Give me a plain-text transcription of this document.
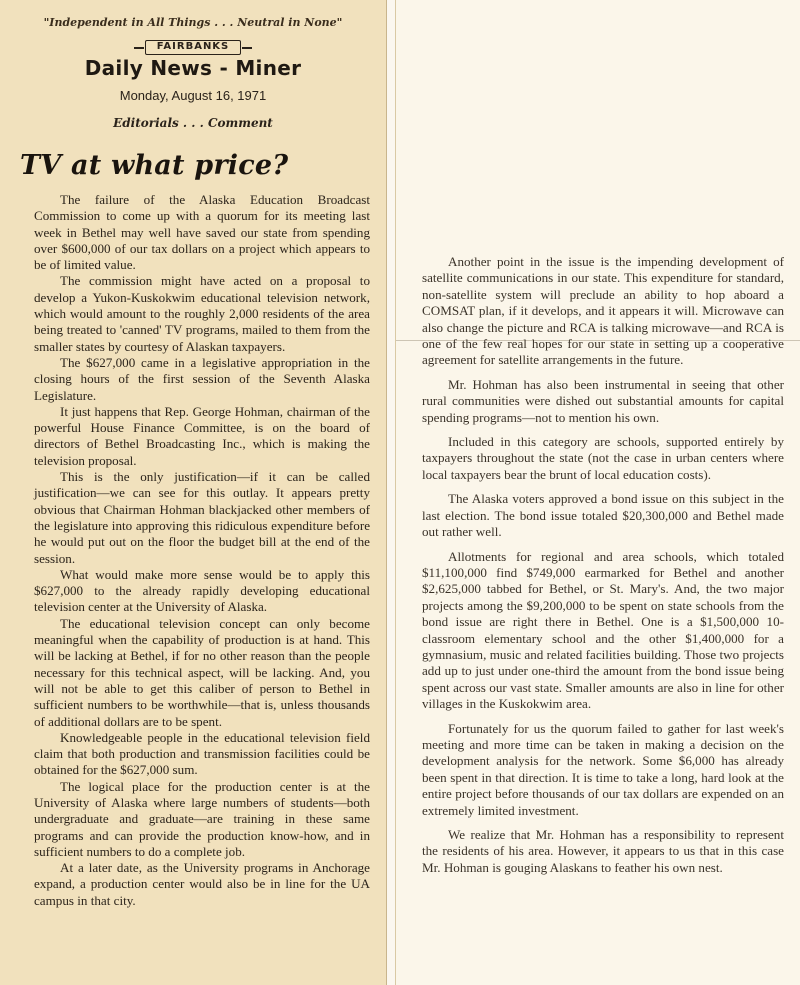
"Independent in All Things . . . Neutral in None"
FAIRBANKS
Daily News - Miner
Monday, August 16, 1971
Editorials . . . Comment
TV at what price?

The failure of the Alaska Education Broadcast Commission to come up with a quorum for its meeting last week in Bethel may well have saved our state from spending over $600,000 of our tax dollars on a project which appears to be of limited value.

The commission might have acted on a proposal to develop a Yukon-Kuskokwim educational television network, which would amount to the roughly 2,000 residents of the area being treated to 'canned' TV programs, mailed to them from the smaller states by courtesy of Alaskan taxpayers.

The $627,000 came in a legislative appropriation in the closing hours of the first session of the Seventh Alaska Legislature.

It just happens that Rep. George Hohman, chairman of the powerful House Finance Committee, is on the board of directors of Bethel Broadcasting Inc., which is making the television proposal.

This is the only justification—if it can be called justification—we can see for this outlay. It appears pretty obvious that Chairman Hohman blackjacked other members of the legislature into approving this ridiculous expenditure before he would put out on the floor the budget bill at the end of the session.

What would make more sense would be to apply this $627,000 to the already rapidly developing educational television center at the University of Alaska.

The educational television concept can only become meaningful when the capability of production is at hand. This will be lacking at Bethel, if for no other reason than the people necessary for this technical aspect, will be lacking. And, you will not be able to get this caliber of person to Bethel in sufficient numbers to be worthwhile—that is, unless thousands of additional dollars are to be spent.

Knowledgeable people in the educational television field claim that both production and transmission facilities could be obtained for the $627,000 sum.

The logical place for the production center is at the University of Alaska where large numbers of students—both undergraduate and graduate—are training in these same programs and can provide the production know-how, and in sufficient numbers to do a complete job.

At a later date, as the University programs in Anchorage expand, a production center would also be in line for the UA campus in that city.

Another point in the issue is the impending development of satellite communications in our state. This expenditure for standard, non-satellite system will preclude an ability to hop aboard a COMSAT plan, if it develops, and it appears it will. Microwave can also change the picture and RCA is talking microwave—and RCA is one of the few real hopes for our state in setting up a cooperative agreement for satellite arrangements in the future.

Mr. Hohman has also been instrumental in seeing that other rural communities were dished out substantial amounts for capital spending programs—not to mention his own.

Included in this category are schools, supported entirely by taxpayers throughout the state (not the case in urban centers where local taxpayers bear the brunt of local education costs).

The Alaska voters approved a bond issue on this subject in the last election. The bond issue totaled $20,300,000 and Bethel made out rather well.

Allotments for regional and area schools, which totaled $11,100,000 find $749,000 earmarked for Bethel and another $2,625,000 tabbed for Bethel, or St. Mary's. And, the two major projects among the $9,200,000 to be spent on state schools from the bond issue are right there in Bethel. One is a $1,500,000 10-classroom elementary school and the other $1,400,000 for a gymnasium, music and related facilities building. Those two projects add up to just under one-third the amount from the bond issue being spent across our vast state. Smaller amounts are also in line for other villages in the Kuskokwim area.

Fortunately for us the quorum failed to gather for last week's meeting and more time can be taken in making a decision on the development analysis for the network. Some $6,000 has already been spent in that direction. It is time to take a long, hard look at the entire project before thousands of our tax dollars are expended on an extremely limited investment.

We realize that Mr. Hohman has a responsibility to represent the residents of his area. However, it appears to us that in this case Mr. Hohman is gouging Alaskans to feather his own nest.
